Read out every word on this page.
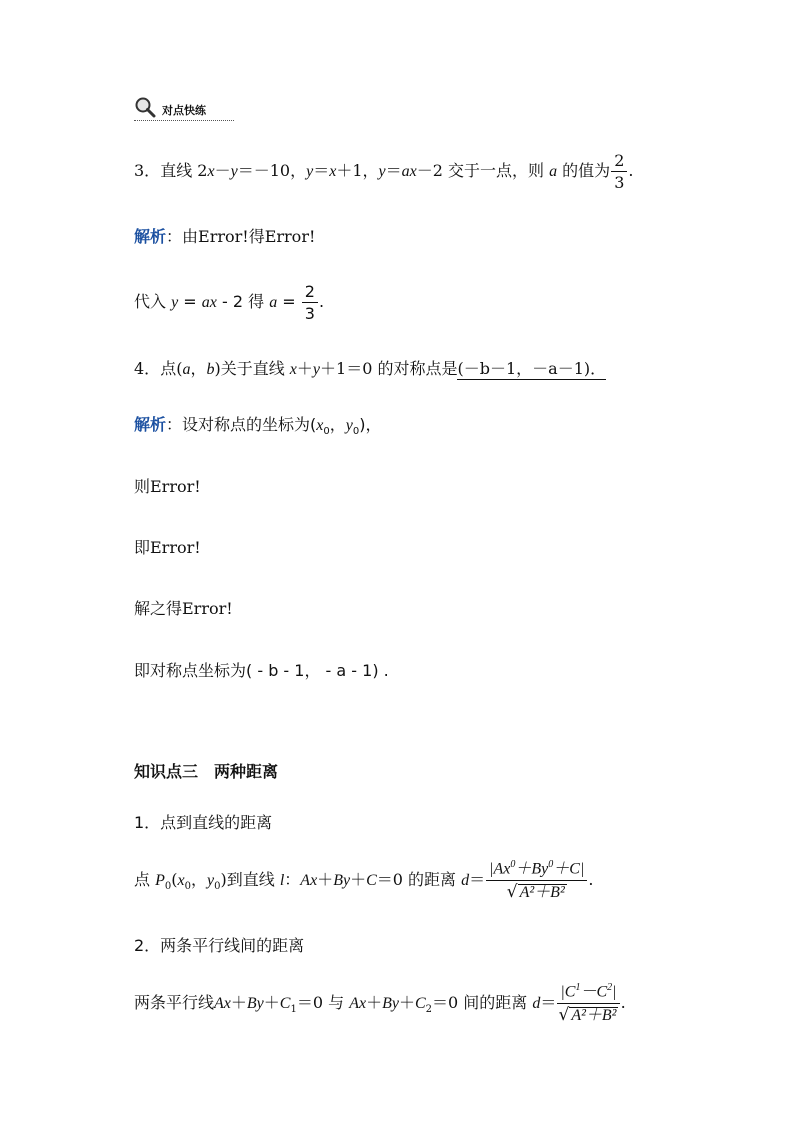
对点快练
3．直线 2x－y＝－10，y＝x＋1，y＝ax－2 交于一点，则 a 的值为 $\frac{2}{3}$ .
解析：由Error!得Error!
代入 y = ax - 2 得 $a = \frac{2}{3}$ .
4．点(a，b)关于直线 x＋y＋1＝0 的对称点是(－b－1，－a－1)．
解析：设对称点的坐标为($x_0$，$y_0$)，
则Error!
即Error!
解之得Error!
即对称点坐标为( - b - 1， - a - 1) .
知识点三　两种距离
1．点到直线的距离
点 $P_0(x_0$，$y_0$)到直线 l：Ax＋By＋C＝0 的距离 $d= \frac{|Ax^0+By^0+C|}{\text{√ A²＋B²}}$ .
2．两条平行线间的距离
两条平行线$Ax+By+C_1=0$ 与 $Ax+By+C_2=0$ 间的距离 $d= \frac{|C^1-C^2|}{\text{√ A²＋B²}}$ .
